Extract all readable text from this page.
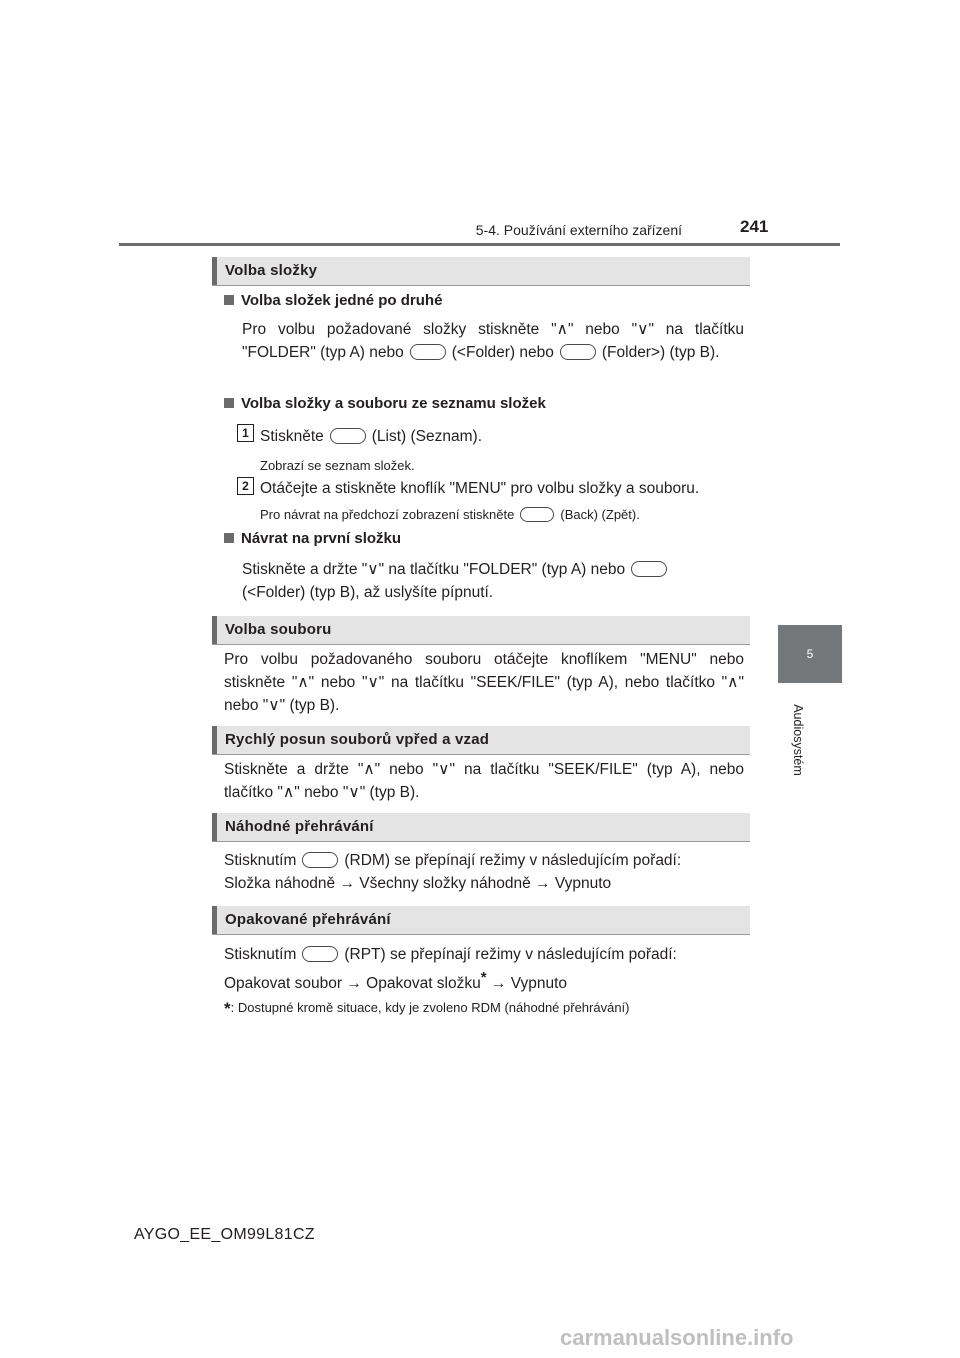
5-4. Používání externího zařízení	241
5
Audiosystém
Volba složky
Volba složek jedné po druhé
Pro volbu požadované složky stiskněte "∧" nebo "∨" na tlačítku "FOLDER" (typ A) nebo	(<Folder) nebo	(Folder>) (typ B).
Volba složky a souboru ze seznamu složek
1 Stiskněte	(List) (Seznam).
Zobrazí se seznam složek.
2 Otáčejte a stiskněte knoflík "MENU" pro volbu složky a souboru.
Pro návrat na předchozí zobrazení stiskněte	(Back) (Zpět).
Návrat na první složku
Stiskněte a držte "∨" na tlačítku "FOLDER" (typ A) nebo
(<Folder) (typ B), až uslyšíte pípnutí.
Volba souboru
Pro volbu požadovaného souboru otáčejte knoflíkem "MENU" nebo stiskněte "∧" nebo "∨" na tlačítku "SEEK/FILE" (typ A), nebo tlačítko "∧" nebo "∨" (typ B).
Rychlý posun souborů vpřed a vzad
Stiskněte a držte "∧" nebo "∨" na tlačítku "SEEK/FILE" (typ A), nebo tlačítko "∧" nebo "∨" (typ B).
Náhodné přehrávání
Stisknutím	(RDM) se přepínají režimy v následujícím pořadí:
Složka náhodně → Všechny složky náhodně → Vypnuto
Opakované přehrávání
Stisknutím	(RPT) se přepínají režimy v následujícím pořadí:
Opakovat soubor → Opakovat složku* → Vypnuto
*: Dostupné kromě situace, kdy je zvoleno RDM (náhodné přehrávání)
AYGO_EE_OM99L81CZ
carmanualsonline.info
